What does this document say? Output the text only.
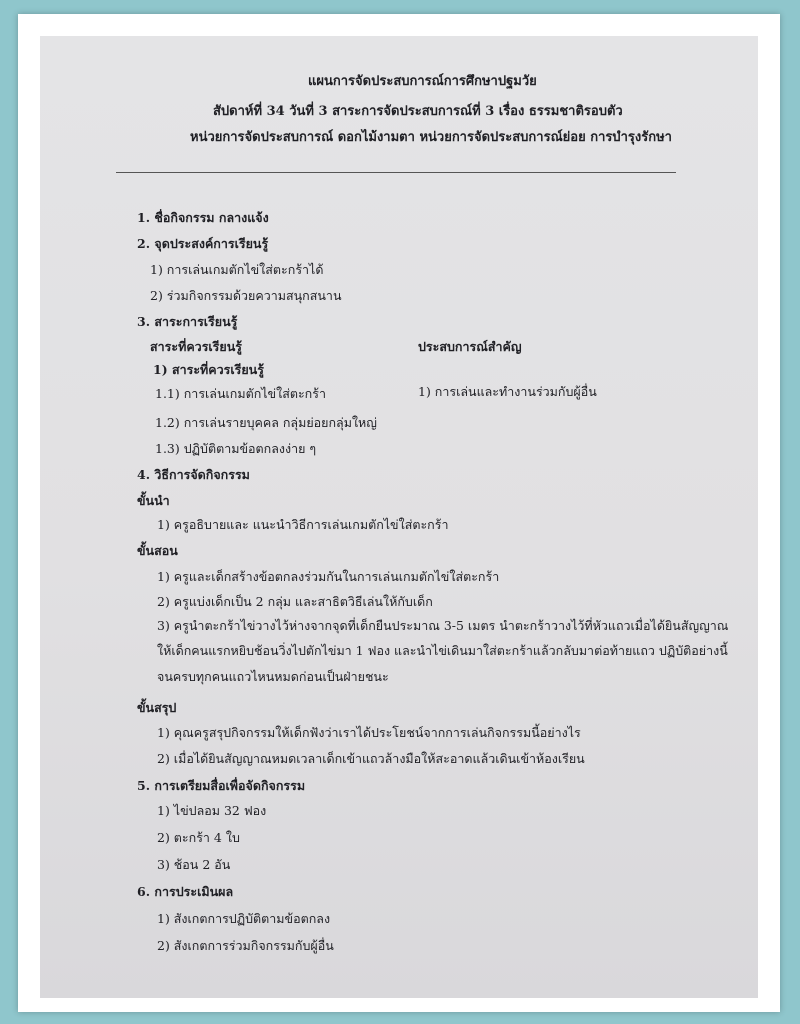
แผนการจัดประสบการณ์การศึกษาปฐมวัย
สัปดาห์ที่ 34 วันที่ 3 สาระการจัดประสบการณ์ที่ 3 เรื่อง ธรรมชาติรอบตัว
หน่วยการจัดประสบการณ์ ดอกไม้งามตา หน่วยการจัดประสบการณ์ย่อย การบำรุงรักษา
1. ชื่อกิจกรรม กลางแจ้ง
2. จุดประสงค์การเรียนรู้
1) การเล่นเกมตักไข่ใส่ตะกร้าได้
2) ร่วมกิจกรรมด้วยความสนุกสนาน
3. สาระการเรียนรู้
สาระที่ควรเรียนรู้	ประสบการณ์สำคัญ
1) สาระที่ควรเรียนรู้
1.1) การเล่นเกมตักไข่ใส่ตะกร้า	1) การเล่นและทำงานร่วมกับผู้อื่น
1.2) การเล่นรายบุคคล กลุ่มย่อยกลุ่มใหญ่
1.3) ปฏิบัติตามข้อตกลงง่าย ๆ
4. วิธีการจัดกิจกรรม
ขั้นนำ
1) ครูอธิบายและ แนะนำวิธีการเล่นเกมตักไข่ใส่ตะกร้า
ขั้นสอน
1) ครูและเด็กสร้างข้อตกลงร่วมกันในการเล่นเกมตักไข่ใส่ตะกร้า
2) ครูแบ่งเด็กเป็น 2 กลุ่ม และสาธิตวิธีเล่นให้กับเด็ก
3) ครูนำตะกร้าไข่วางไว้ห่างจากจุดที่เด็กยืนประมาณ 3-5 เมตร นำตะกร้าวางไว้ที่หัวแถวเมื่อได้ยินสัญญาณ
ให้เด็กคนแรกหยิบช้อนวิ่งไปตักไข่มา 1 ฟอง และนำไข่เดินมาใส่ตะกร้าแล้วกลับมาต่อท้ายแถว ปฏิบัติอย่างนี้
จนครบทุกคนแถวไหนหมดก่อนเป็นฝ่ายชนะ
ขั้นสรุป
1) คุณครูสรุปกิจกรรมให้เด็กฟังว่าเราได้ประโยชน์จากการเล่นกิจกรรมนี้อย่างไร
2) เมื่อได้ยินสัญญาณหมดเวลาเด็กเข้าแถวล้างมือให้สะอาดแล้วเดินเข้าห้องเรียน
5. การเตรียมสื่อเพื่อจัดกิจกรรม
1) ไข่ปลอม 32 ฟอง
2) ตะกร้า 4 ใบ
3) ช้อน 2 อัน
6. การประเมินผล
1) สังเกตการปฏิบัติตามข้อตกลง
2) สังเกตการร่วมกิจกรรมกับผู้อื่น
